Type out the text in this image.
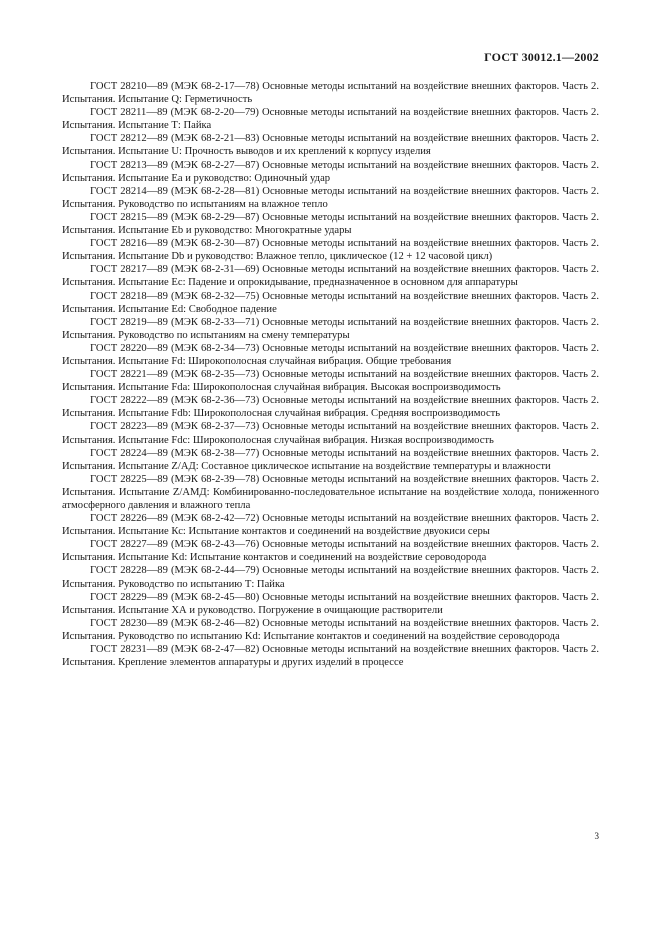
ГОСТ 30012.1—2002

ГОСТ 28210—89 (МЭК 68-2-17—78) Основные методы испытаний на воздействие внешних факторов. Часть 2. Испытания. Испытание Q: Герметичность

ГОСТ 28211—89 (МЭК 68-2-20—79) Основные методы испытаний на воздействие внешних факторов. Часть 2. Испытания. Испытание Т: Пайка

ГОСТ 28212—89 (МЭК 68-2-21—83) Основные методы испытаний на воздействие внешних факторов. Часть 2. Испытания. Испытание U: Прочность выводов и их креплений к корпусу изделия

ГОСТ 28213—89 (МЭК 68-2-27—87) Основные методы испытаний на воздействие внешних факторов. Часть 2. Испытания. Испытание Еа и руководство: Одиночный удар

ГОСТ 28214—89 (МЭК 68-2-28—81) Основные методы испытаний на воздействие внешних факторов. Часть 2. Испытания. Руководство по испытаниям на влажное тепло

ГОСТ 28215—89 (МЭК 68-2-29—87) Основные методы испытаний на воздействие внешних факторов. Часть 2. Испытания. Испытание Eb и руководство: Многократные удары

ГОСТ 28216—89 (МЭК 68-2-30—87) Основные методы испытаний на воздействие внешних факторов. Часть 2. Испытания. Испытание Db и руководство: Влажное тепло, циклическое (12 + 12 часовой цикл)

ГОСТ 28217—89 (МЭК 68-2-31—69) Основные методы испытаний на воздействие внешних факторов. Часть 2. Испытания. Испытание Ec: Падение и опрокидывание, предназначенное в основном для аппаратуры

ГОСТ 28218—89 (МЭК 68-2-32—75) Основные методы испытаний на воздействие внешних факторов. Часть 2. Испытания. Испытание Ed: Свободное падение

ГОСТ 28219—89 (МЭК 68-2-33—71) Основные методы испытаний на воздействие внешних факторов. Часть 2. Испытания. Руководство по испытаниям на смену температуры

ГОСТ 28220—89 (МЭК 68-2-34—73) Основные методы испытаний на воздействие внешних факторов. Часть 2. Испытания. Испытание Fd: Широкополосная случайная вибрация. Общие требования

ГОСТ 28221—89 (МЭК 68-2-35—73) Основные методы испытаний на воздействие внешних факторов. Часть 2. Испытания. Испытание Fda: Широкополосная случайная вибрация. Высокая воспроизводимость

ГОСТ 28222—89 (МЭК 68-2-36—73) Основные методы испытаний на воздействие внешних факторов. Часть 2. Испытания. Испытание Fdb: Широкополосная случайная вибрация. Средняя воспроизводимость

ГОСТ 28223—89 (МЭК 68-2-37—73) Основные методы испытаний на воздействие внешних факторов. Часть 2. Испытания. Испытание Fdc: Широкополосная случайная вибрация. Низкая воспроизводимость

ГОСТ 28224—89 (МЭК 68-2-38—77) Основные методы испытаний на воздействие внешних факторов. Часть 2. Испытания. Испытание Z/АД: Составное циклическое испытание на воздействие температуры и влажности

ГОСТ 28225—89 (МЭК 68-2-39—78) Основные методы испытаний на воздействие внешних факторов. Часть 2. Испытания. Испытание Z/АМД: Комбинированно-последовательное испытание на воздействие холода, пониженного атмосферного давления и влажного тепла

ГОСТ 28226—89 (МЭК 68-2-42—72) Основные методы испытаний на воздействие внешних факторов. Часть 2. Испытания. Испытание Кс: Испытание контактов и соединений на воздействие двуокиси серы

ГОСТ 28227—89 (МЭК 68-2-43—76) Основные методы испытаний на воздействие внешних факторов. Часть 2. Испытания. Испытание Kd: Испытание контактов и соединений на воздействие сероводорода

ГОСТ 28228—89 (МЭК 68-2-44—79) Основные методы испытаний на воздействие внешних факторов. Часть 2. Испытания. Руководство по испытанию Т: Пайка

ГОСТ 28229—89 (МЭК 68-2-45—80) Основные методы испытаний на воздействие внешних факторов. Часть 2. Испытания. Испытание ХА и руководство. Погружение в очищающие растворители

ГОСТ 28230—89 (МЭК 68-2-46—82) Основные методы испытаний на воздействие внешних факторов. Часть 2. Испытания. Руководство по испытанию Kd: Испытание контактов и соединений на воздействие сероводорода

ГОСТ 28231—89 (МЭК 68-2-47—82) Основные методы испытаний на воздействие внешних факторов. Часть 2. Испытания. Крепление элементов аппаратуры и других изделий в процессе

3
